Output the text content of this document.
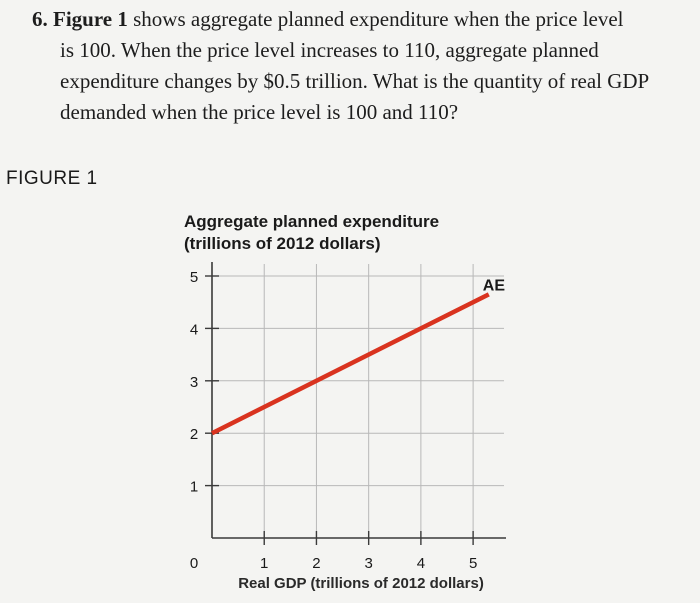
6. Figure 1 shows aggregate planned expenditure when the price level
is 100. When the price level increases to 110, aggregate planned
expenditure changes by $0.5 trillion. What is the quantity of real GDP
demanded when the price level is 100 and 110?
FIGURE 1
Aggregate planned expenditure
(trillions of 2012 dollars)
1
2
3
4
5
1	2	3	4	5
0
Real GDP (trillions of 2012 dollars)
AE
